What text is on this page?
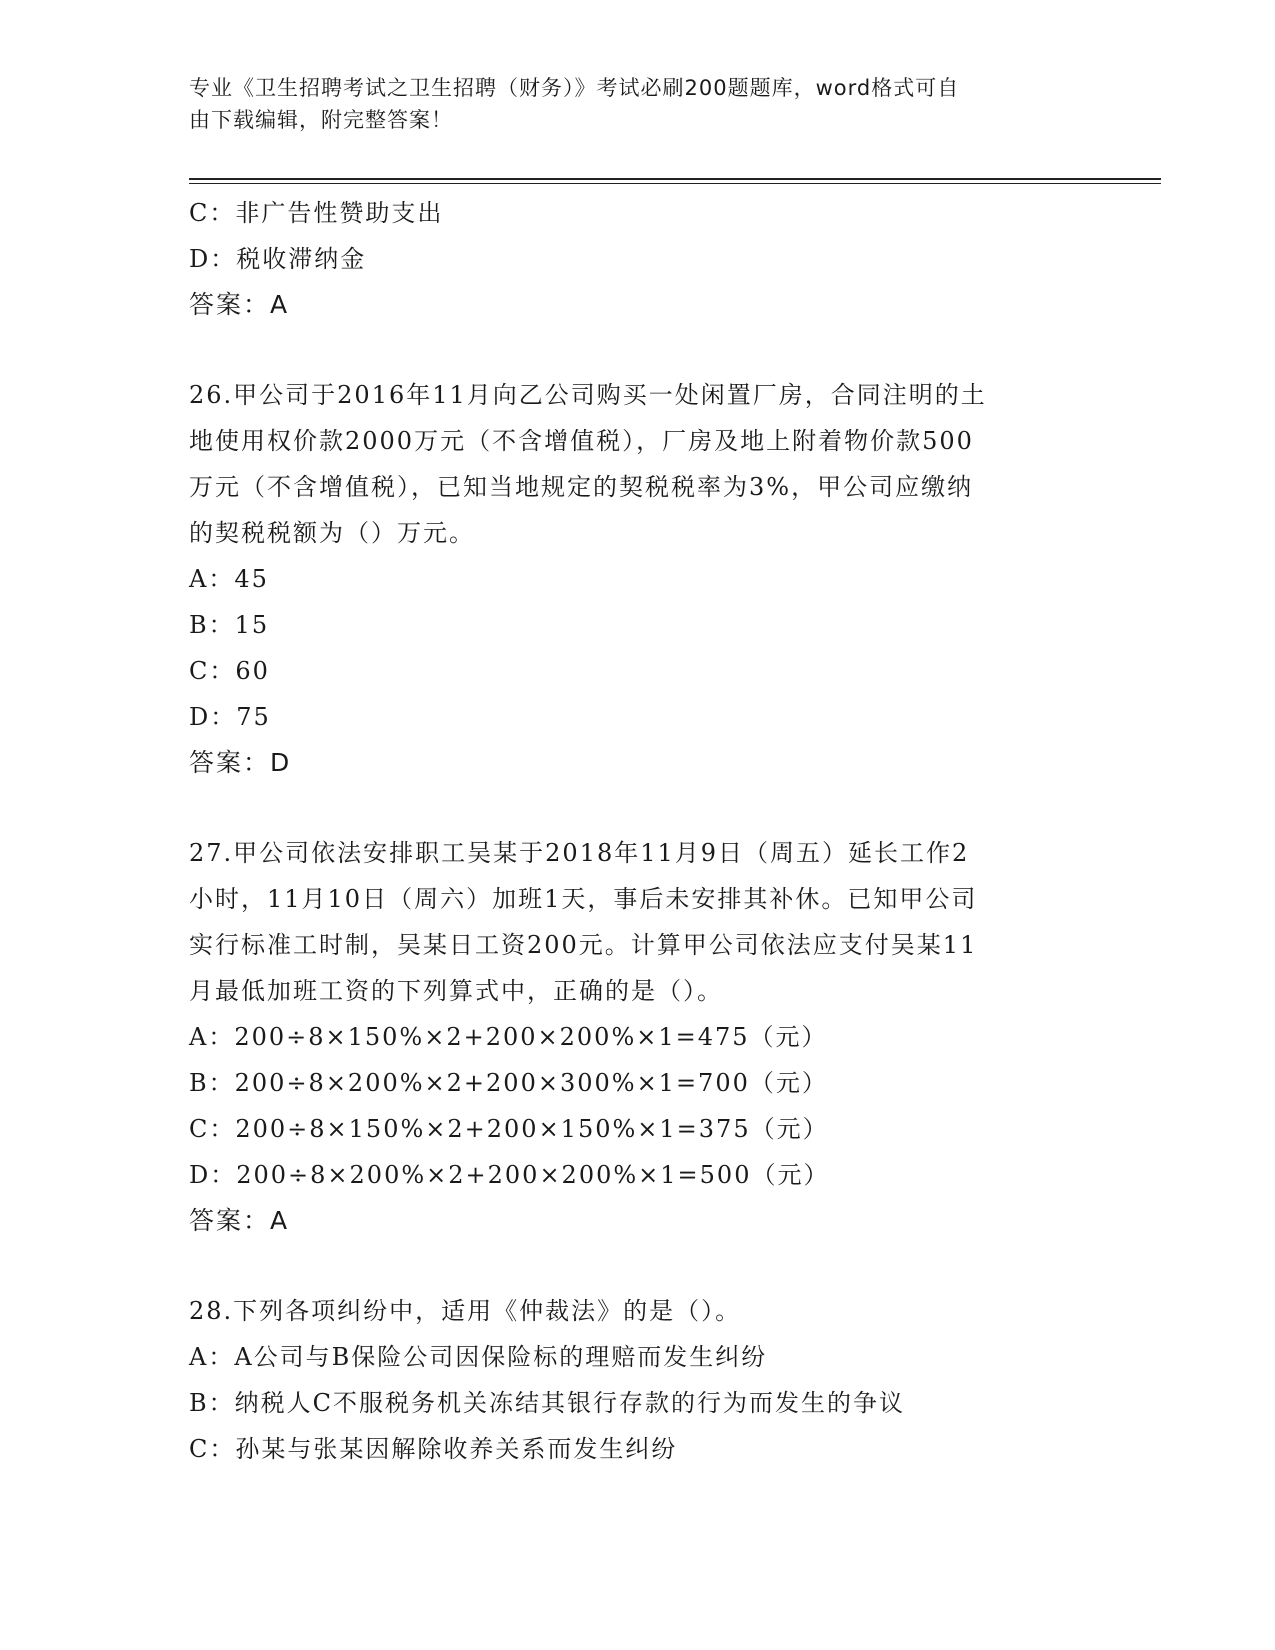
专业《卫生招聘考试之卫生招聘（财务）》考试必刷200题题库，word格式可自
由下载编辑，附完整答案！
C：非广告性赞助支出
D：税收滞纳金
答案：A
26.甲公司于2016年11月向乙公司购买一处闲置厂房，合同注明的土
地使用权价款2000万元（不含增值税），厂房及地上附着物价款500
万元（不含增值税），已知当地规定的契税税率为3%，甲公司应缴纳
的契税税额为（）万元。
A：45
B：15
C：60
D：75
答案：D
27.甲公司依法安排职工吴某于2018年11月9日（周五）延长工作2
小时，11月10日（周六）加班1天，事后未安排其补休。已知甲公司
实行标准工时制，吴某日工资200元。计算甲公司依法应支付吴某11
月最低加班工资的下列算式中，正确的是（）。
A：200÷8×150%×2+200×200%×1=475（元）
B：200÷8×200%×2+200×300%×1=700（元）
C：200÷8×150%×2+200×150%×1=375（元）
D：200÷8×200%×2+200×200%×1=500（元）
答案：A
28.下列各项纠纷中，适用《仲裁法》的是（）。
A：A公司与B保险公司因保险标的理赔而发生纠纷
B：纳税人C不服税务机关冻结其银行存款的行为而发生的争议
C：孙某与张某因解除收养关系而发生纠纷
